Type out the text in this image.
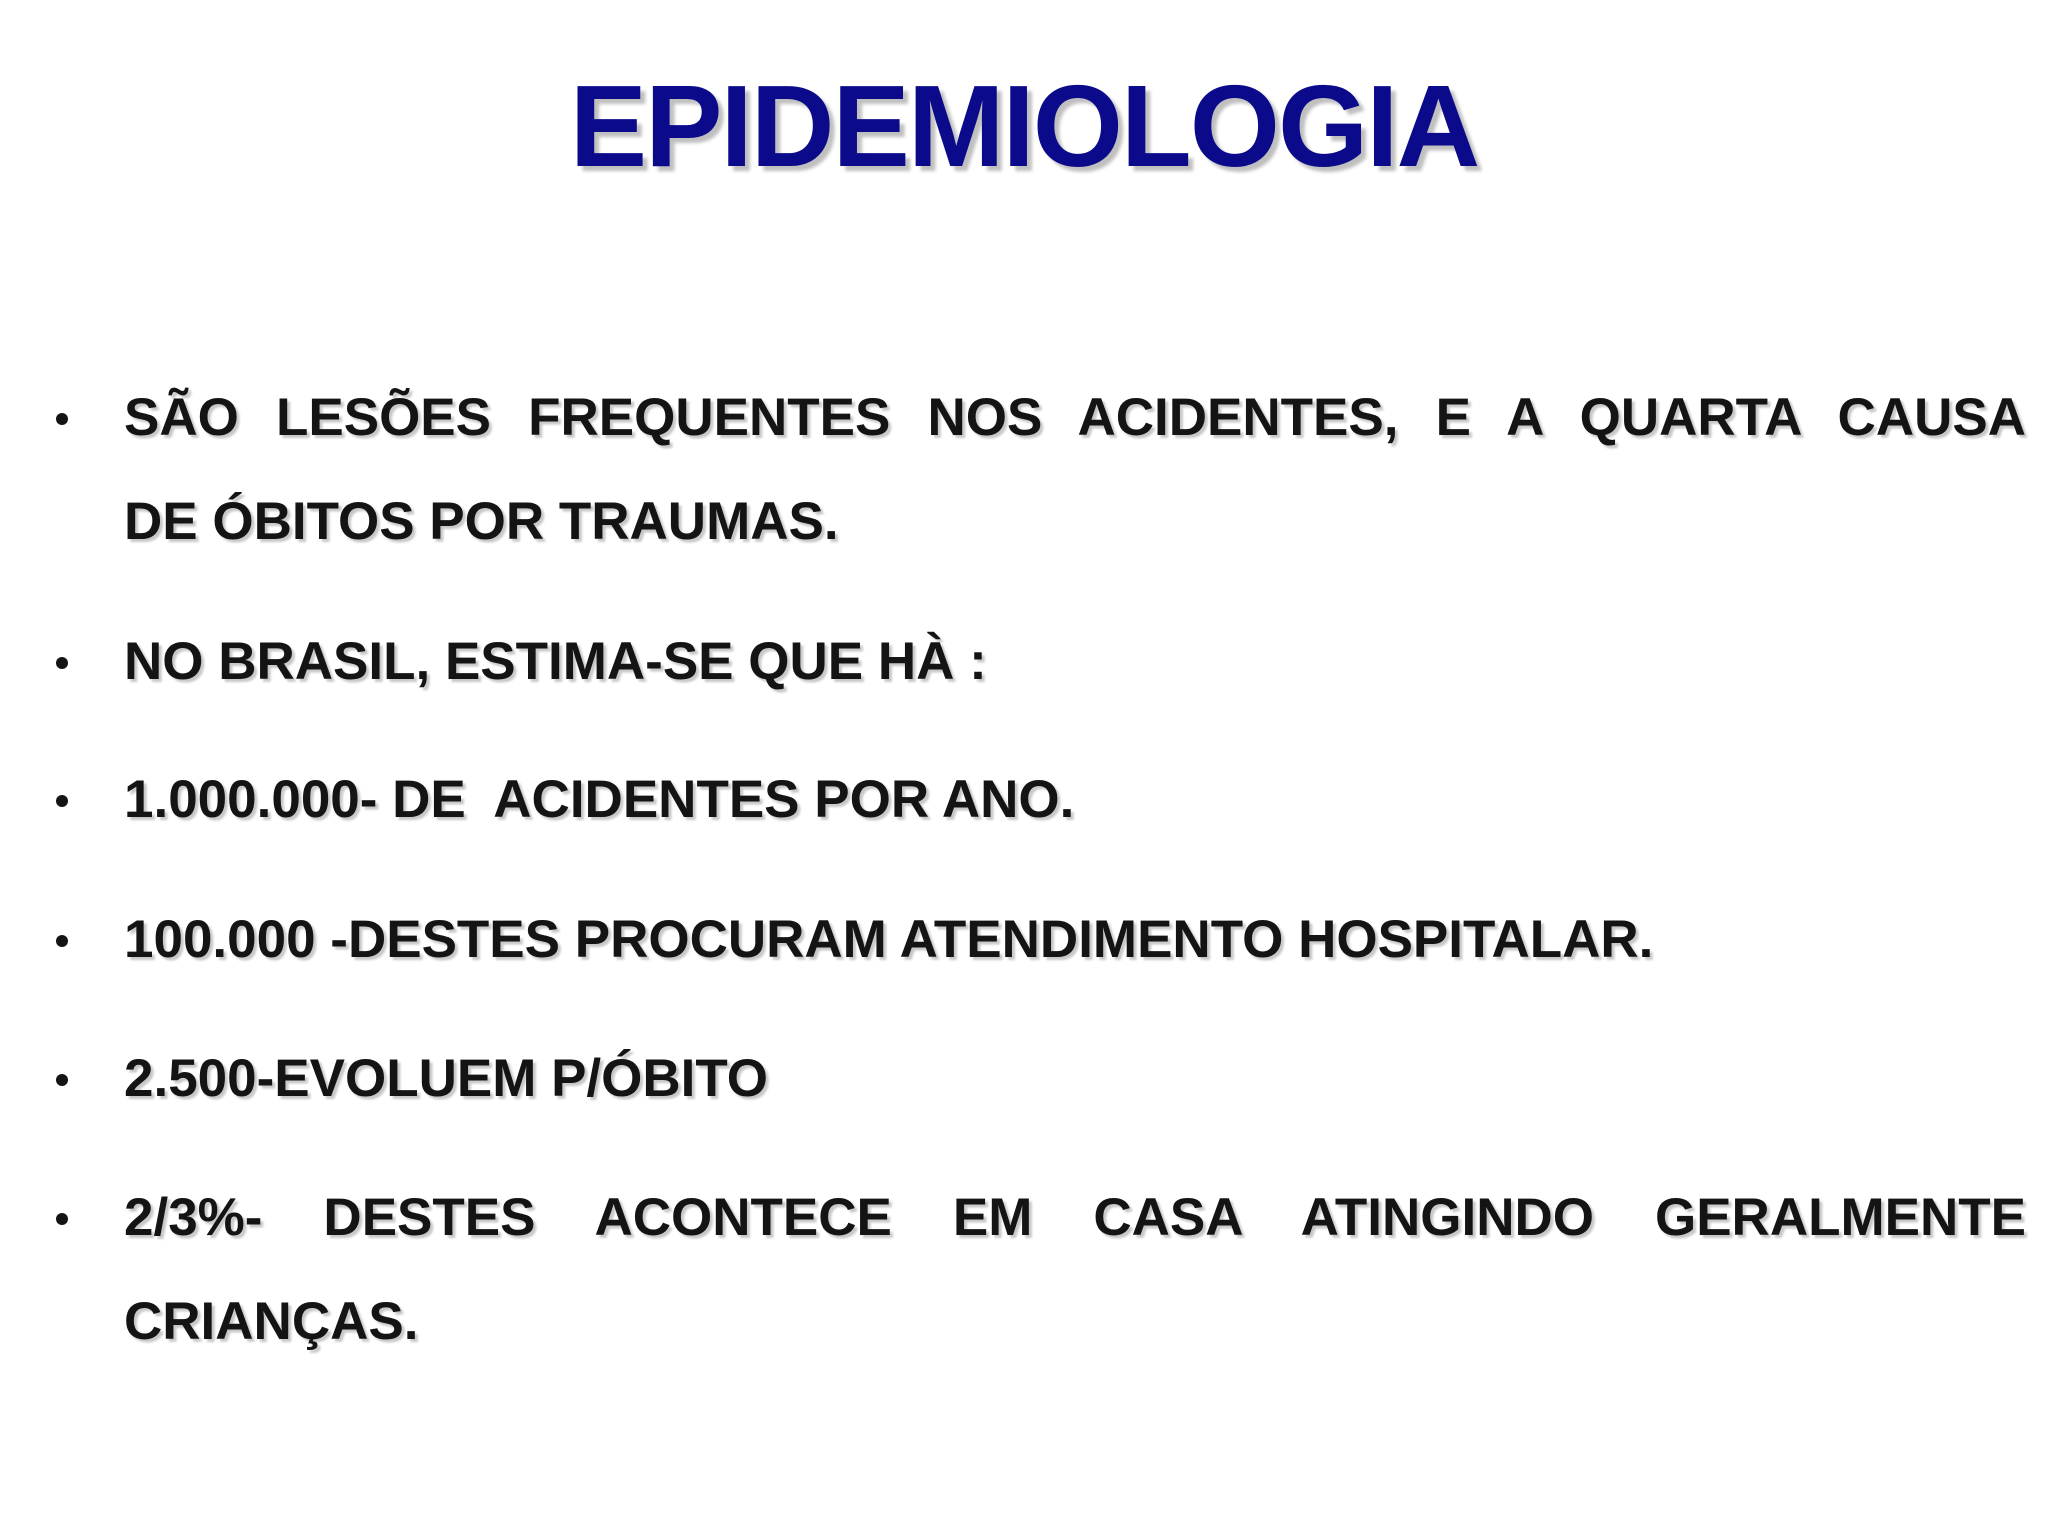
EPIDEMIOLOGIA
SÃO LESÕES FREQUENTES NOS ACIDENTES, E A QUARTA CAUSA
DE ÓBITOS POR TRAUMAS.
NO BRASIL, ESTIMA-SE QUE HÀ :
1.000.000- DE  ACIDENTES POR ANO.
100.000 -DESTES PROCURAM ATENDIMENTO HOSPITALAR.
2.500-EVOLUEM P/ÓBITO
2/3%- DESTES ACONTECE EM CASA ATINGINDO GERALMENTE
CRIANÇAS.
